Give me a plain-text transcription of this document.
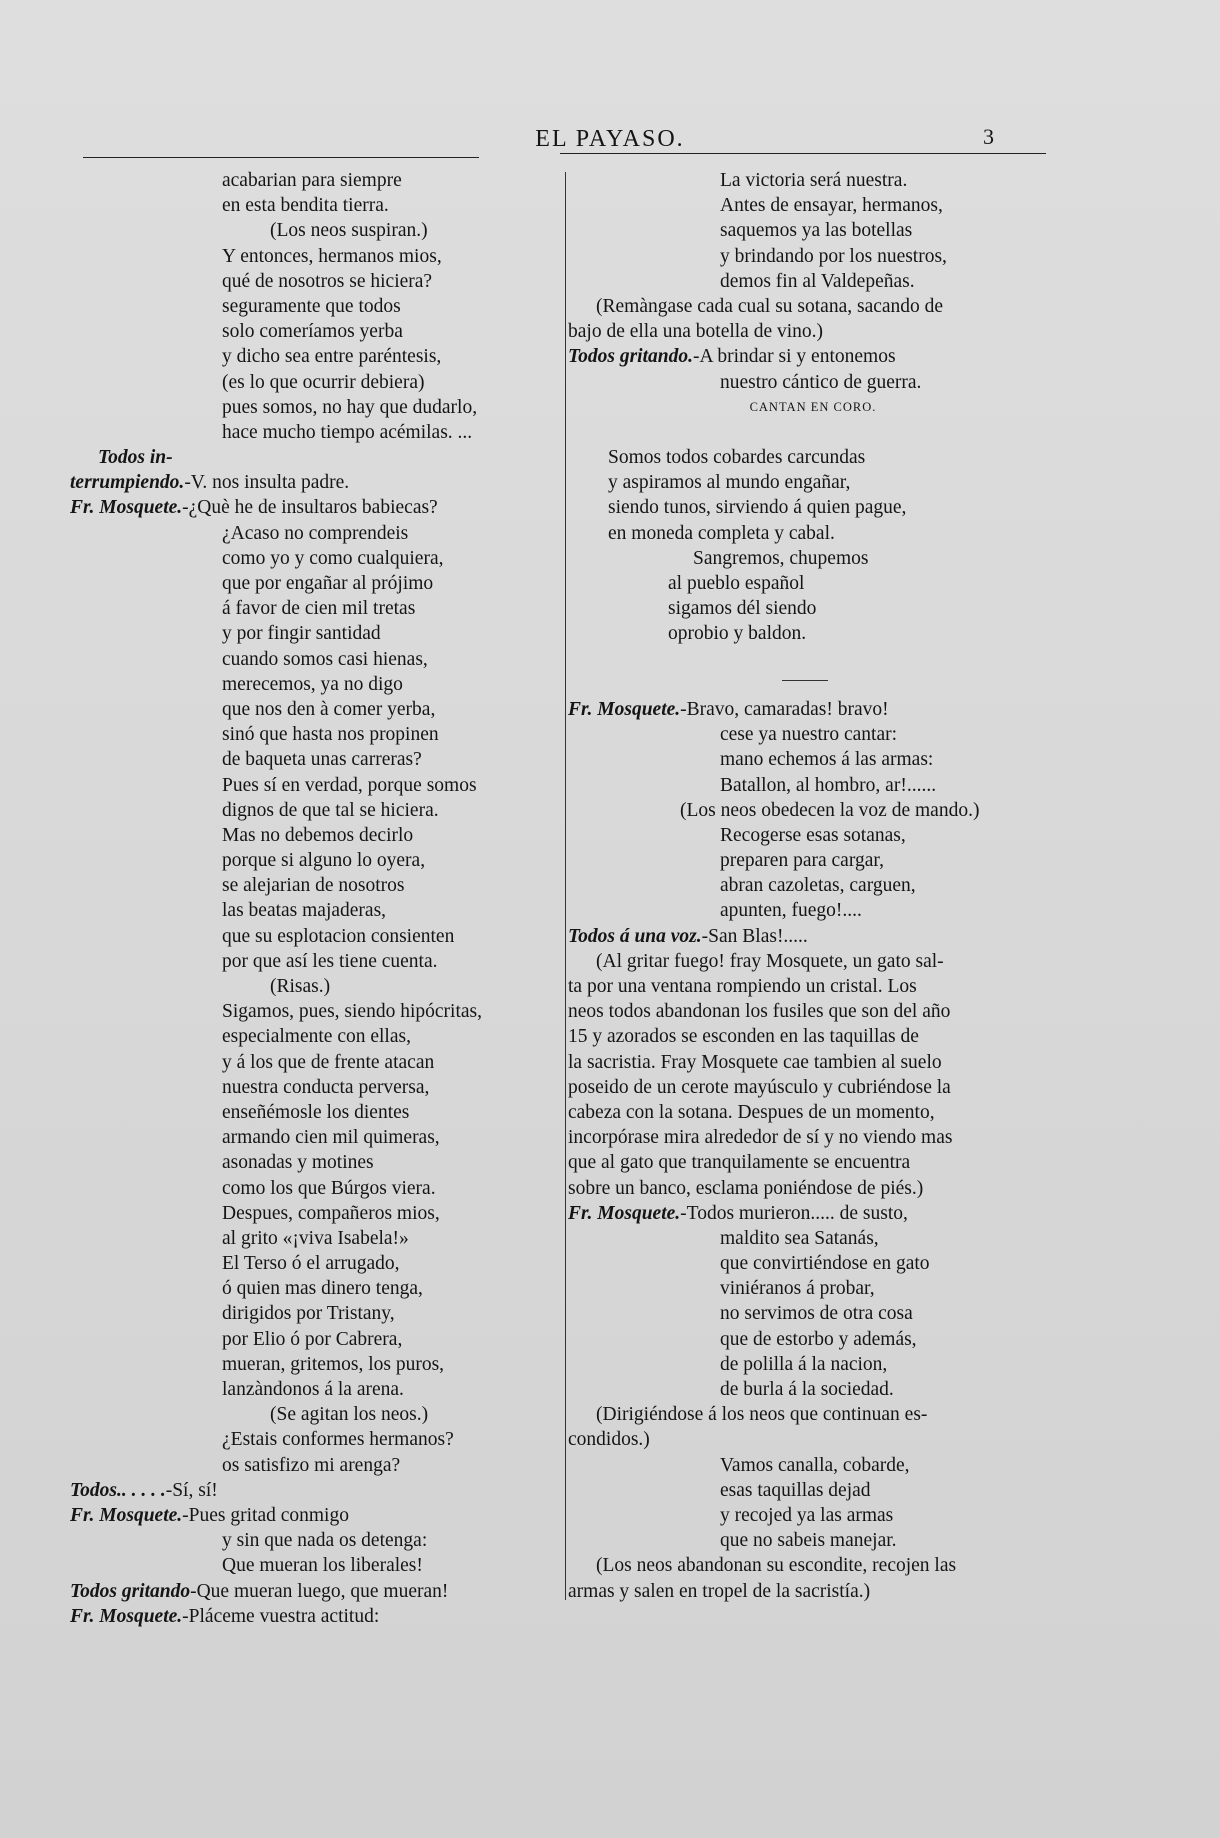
EL PAYASO.	3
acabarian para siempre
en esta bendita tierra.
(Los neos suspiran.)
Y entonces, hermanos mios,
qué de nosotros se hiciera?
seguramente que todos
solo comeríamos yerba
y dicho sea entre paréntesis,
(es lo que ocurrir debiera)
pues somos, no hay que dudarlo,
hace mucho tiempo acémilas. ...
Todos in-
terrumpiendo.-V. nos insulta padre.
Fr. Mosquete.-¿Què he de insultaros babiecas?
¿Acaso no comprendeis
como yo y como cualquiera,
que por engañar al prójimo
á favor de cien mil tretas
y por fingir santidad
cuando somos casi hienas,
merecemos, ya no digo
que nos den à comer yerba,
sinó que hasta nos propinen
de baqueta unas carreras?
Pues sí en verdad, porque somos
dignos de que tal se hiciera.
Mas no debemos decirlo
porque si alguno lo oyera,
se alejarian de nosotros
las beatas majaderas,
que su esplotacion consienten
por que así les tiene cuenta.
(Risas.)
Sigamos, pues, siendo hipócritas,
especialmente con ellas,
y á los que de frente atacan
nuestra conducta perversa,
enseñémosle los dientes
armando cien mil quimeras,
asonadas y motines
como los que Búrgos viera.
Despues, compañeros mios,
al grito «¡viva Isabela!»
El Terso ó el arrugado,
ó quien mas dinero tenga,
dirigidos por Tristany,
por Elio ó por Cabrera,
mueran, gritemos, los puros,
lanzàndonos á la arena.
(Se agitan los neos.)
¿Estais conformes hermanos?
os satisfizo mi arenga?
Todos.. . . . .-Sí, sí!
Fr. Mosquete.-Pues gritad conmigo
y sin que nada os detenga:
Que mueran los liberales!
Todos gritando-Que mueran luego, que mueran!
Fr. Mosquete.-Pláceme vuestra actitud:
La victoria será nuestra.
Antes de ensayar, hermanos,
saquemos ya las botellas
y brindando por los nuestros,
demos fin al Valdepeñas.
(Remàngase cada cual su sotana, sacando de
bajo de ella una botella de vino.)
Todos gritando.-A brindar si y entonemos
nuestro cántico de guerra.
CANTAN EN CORO.
Somos todos cobardes carcundas
y aspiramos al mundo engañar,
siendo tunos, sirviendo á quien pague,
en moneda completa y cabal.
Sangremos, chupemos
al pueblo español
sigamos dél siendo
oprobio y baldon.
Fr. Mosquete.-Bravo, camaradas! bravo!
cese ya nuestro cantar:
mano echemos á las armas:
Batallon, al hombro, ar!......
(Los neos obedecen la voz de mando.)
Recogerse esas sotanas,
preparen para cargar,
abran cazoletas, carguen,
apunten, fuego!....
Todos á una voz.-San Blas!.....
(Al gritar fuego! fray Mosquete, un gato sal-
ta por una ventana rompiendo un cristal. Los
neos todos abandonan los fusiles que son del año
15 y azorados se esconden en las taquillas de
la sacristia. Fray Mosquete cae tambien al suelo
poseido de un cerote mayúsculo y cubriéndose la
cabeza con la sotana. Despues de un momento,
incorpórase mira alrededor de sí y no viendo mas
que al gato que tranquilamente se encuentra
sobre un banco, esclama poniéndose de piés.)
Fr. Mosquete.-Todos murieron..... de susto,
maldito sea Satanás,
que convirtiéndose en gato
viniéranos á probar,
no servimos de otra cosa
que de estorbo y además,
de polilla á la nacion,
de burla á la sociedad.
(Dirigiéndose á los neos que continuan es-
condidos.)
Vamos canalla, cobarde,
esas taquillas dejad
y recojed ya las armas
que no sabeis manejar.
(Los neos abandonan su escondite, recojen las
armas y salen en tropel de la sacristía.)
